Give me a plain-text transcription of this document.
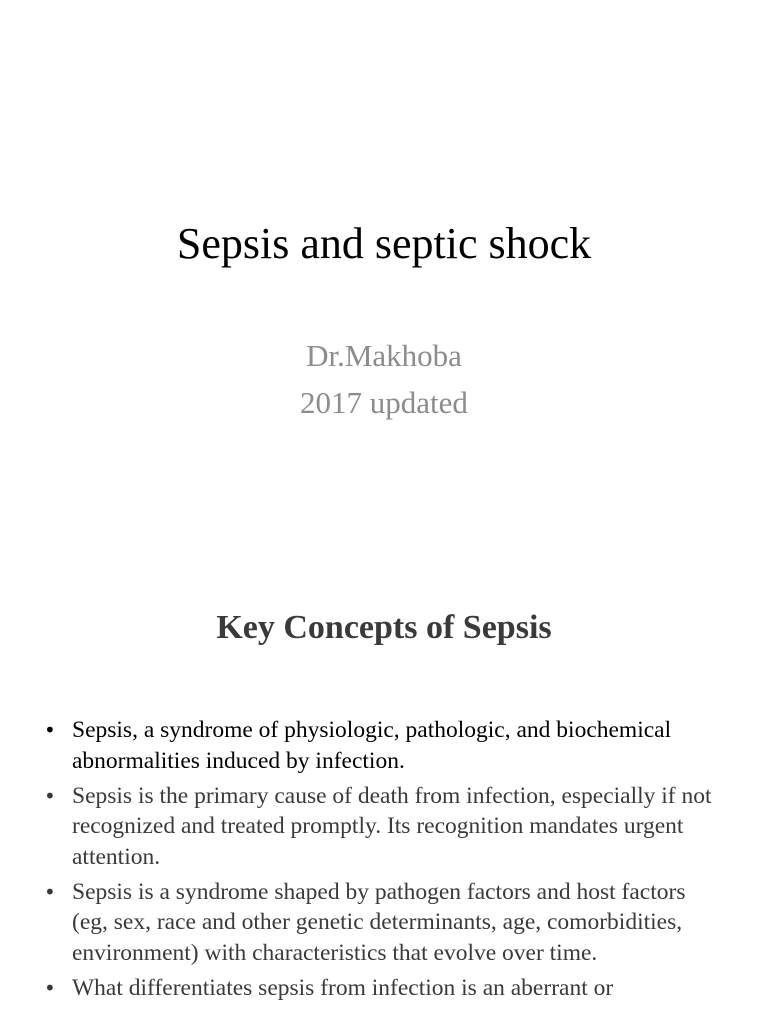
Sepsis and septic shock
Dr.Makhoba
2017 updated
Key Concepts of Sepsis
• Sepsis, a syndrome of physiologic, pathologic, and biochemical abnormalities induced by infection.
• Sepsis is the primary cause of death from infection, especially if not recognized and treated promptly. Its recognition mandates urgent attention.
• Sepsis is a syndrome shaped by pathogen factors and host factors (eg, sex, race and other genetic determinants, age, comorbidities, environment) with characteristics that evolve over time.
• What differentiates sepsis from infection is an aberrant or
